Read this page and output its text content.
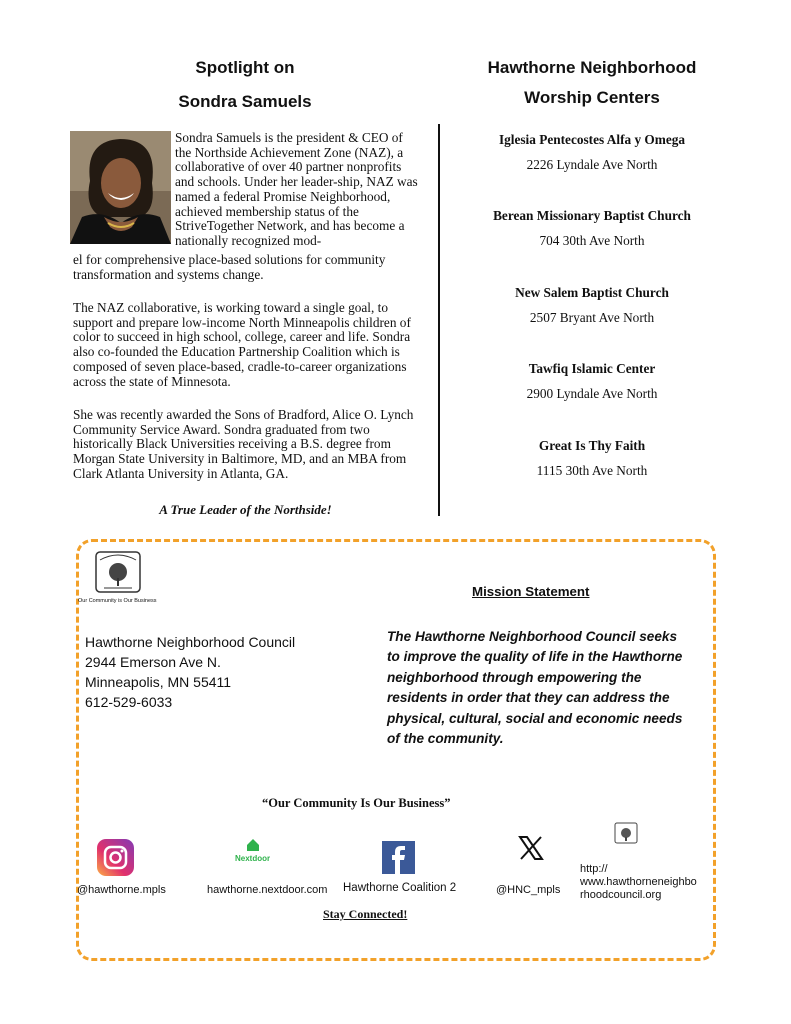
Spotlight on
Sondra Samuels

Sondra Samuels is the president & CEO of the Northside Achievement Zone (NAZ), a collaborative of over 40 partner nonprofits and schools. Under her leader-ship, NAZ was named a federal Promise Neighborhood, achieved membership status of the StriveTogether Network, and has become a nationally recognized mod-

el for comprehensive place-based solutions for community transformation and systems change.

The NAZ collaborative, is working toward a single goal, to support and prepare low-income North Minneapolis children of color to succeed in high school, college, career and life. Sondra also co-founded the Education Partnership Coalition which is composed of seven place-based, cradle-to-career organizations across the state of Minnesota.

She was recently awarded the Sons of Bradford, Alice O. Lynch Community Service Award. Sondra graduated from two historically Black Universities receiving a B.S. degree from Morgan State University in Baltimore, MD, and an MBA from Clark Atlanta University in Atlanta, GA.

A True Leader of the Northside!
Hawthorne Neighborhood
Worship Centers
Iglesia Pentecostes Alfa y Omega
2226 Lyndale Ave North
Berean Missionary Baptist Church
704 30th Ave North
New Salem Baptist Church
2507 Bryant Ave North
Tawfiq Islamic Center
2900 Lyndale Ave North
Great Is Thy Faith
1115 30th Ave North
Our Community is Our Business
Hawthorne Neighborhood Council
2944 Emerson Ave N.
Minneapolis, MN 55411
612-529-6033
Mission Statement
The Hawthorne Neighborhood Council seeks to improve the quality of life in the Hawthorne neighborhood through empowering the residents in order that they can address the physical, cultural, social and economic needs of the community.
“Our Community Is Our Business”
@hawthorne.mpls
Nextdoor
hawthorne.nextdoor.com Hawthorne Coalition 2	@HNC_mpls
http://
www.hawthorneneighbo
rhoodcouncil.org
Stay Connected!
